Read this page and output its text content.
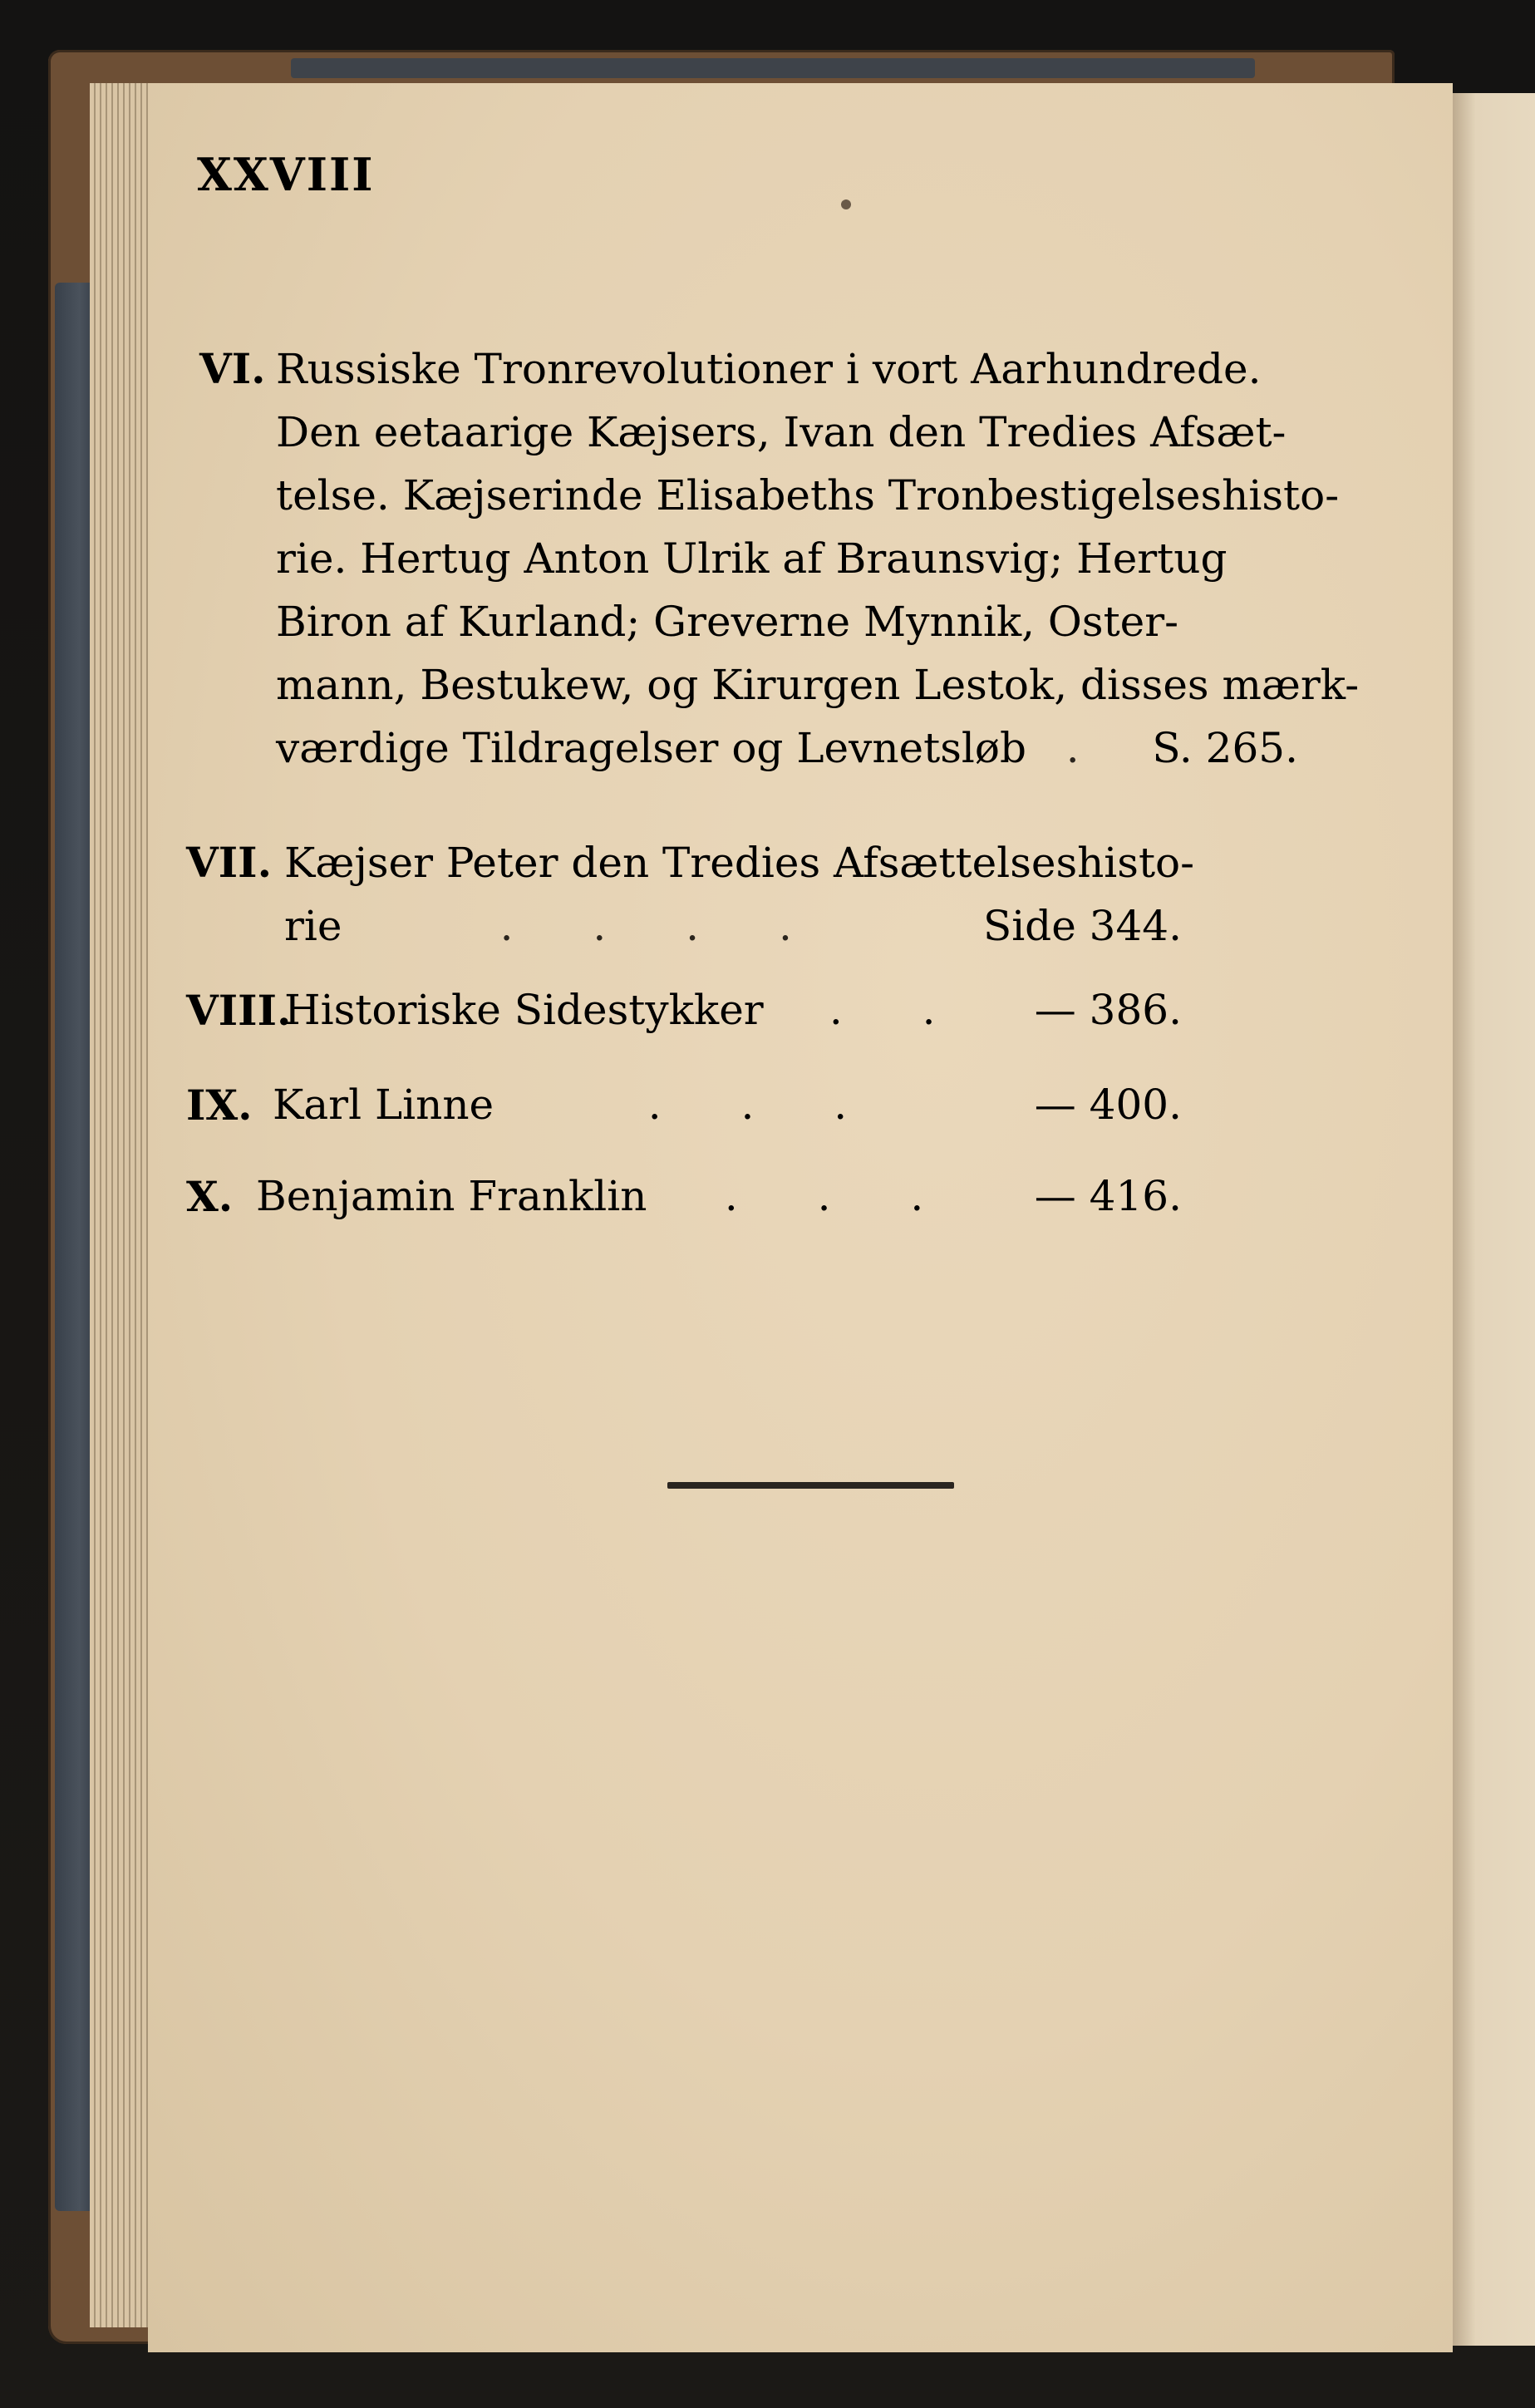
XXVIII
VI. Russiske Tronrevolutioner i vort Aarhundrede.
Den eetaarige Kæjsers, Ivan den Tredies Afsæt-
telse. Kæjserinde Elisabeths Tronbestigelseshisto-
rie. Hertug Anton Ulrik af Braunsvig; Hertug
Biron af Kurland; Greverne Mynnik, Oster-
mann, Bestukew, og Kirurgen Lestok, disses mærk-
værdige Tildragelser og Levnetsløb . S. 265.
VII. Kæjser Peter den Tredies Afsættelseshisto-
rie	. . . .	Side 344.
VIII.
Historiske Sidestykker	. .	— 386.
IX. Karl Linne	. . .	— 400.
X. Benjamin Franklin	. . .	— 416.
